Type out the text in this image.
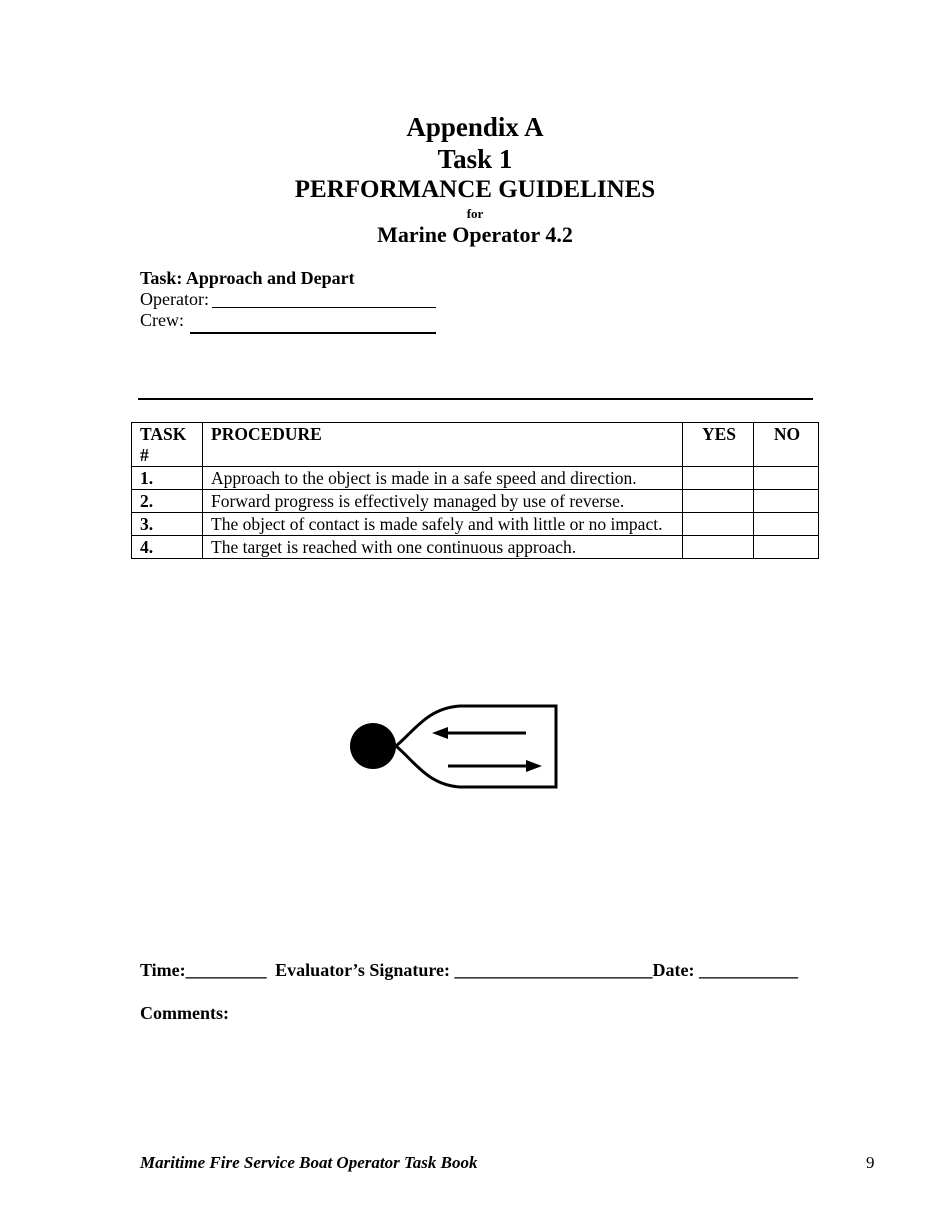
Appendix A
Task 1
PERFORMANCE GUIDELINES
for
Marine Operator 4.2
Task: Approach and Depart
Operator:
Crew:
TASK #	PROCEDURE	YES	NO
1.	Approach to the object is made in a safe speed and direction.		
2.	Forward progress is effectively managed by use of reverse.		
3.	The object of contact is made safely and with little or no impact.		
4.	The target is reached with one continuous approach.		
Time:_________ Evaluator’s Signature: ______________________Date: ___________
Comments:
Maritime Fire Service Boat Operator Task Book	9
